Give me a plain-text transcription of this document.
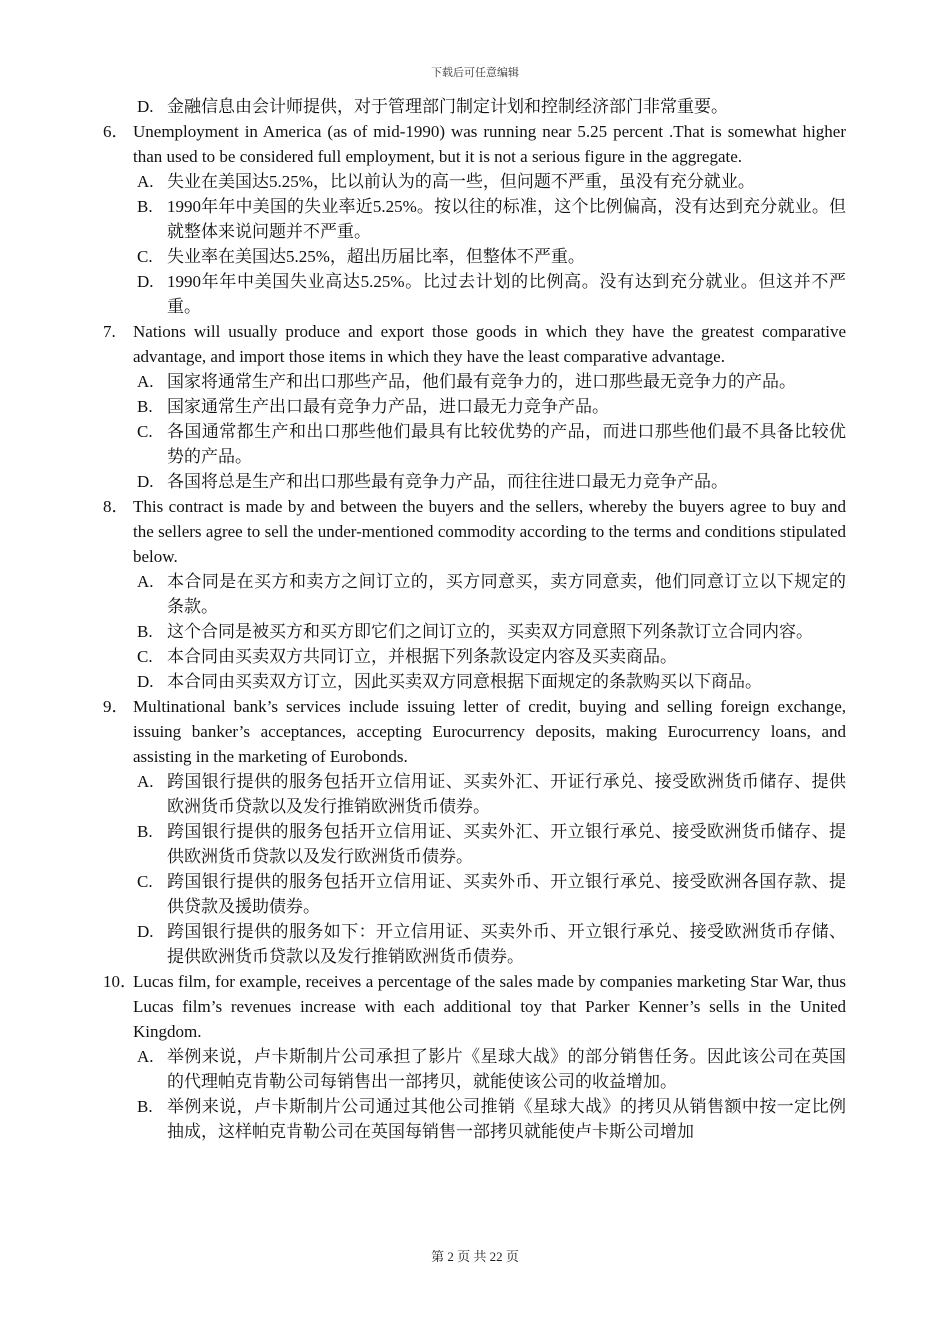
下载后可任意编辑
D. 金融信息由会计师提供，对于管理部门制定计划和控制经济部门非常重要。
6． Unemployment in America (as of mid-1990) was running near 5.25 percent .That is somewhat higher than used to be considered full employment, but it is not a serious figure in the aggregate.
A. 失业在美国达5.25%，比以前认为的高一些，但问题不严重，虽没有充分就业。
B. 1990年年中美国的失业率近5.25%。按以往的标准，这个比例偏高，没有达到充分就业。但就整体来说问题并不严重。
C. 失业率在美国达5.25%，超出历届比率，但整体不严重。
D. 1990年年中美国失业高达5.25%。比过去计划的比例高。没有达到充分就业。但这并不严重。
7.	Nations will usually produce and export those goods in which they have the greatest comparative advantage, and import those items in which they have the least comparative advantage.
A. 国家将通常生产和出口那些产品，他们最有竞争力的，进口那些最无竞争力的产品。
B. 国家通常生产出口最有竞争力产品，进口最无力竞争产品。
C. 各国通常都生产和出口那些他们最具有比较优势的产品，而进口那些他们最不具备比较优势的产品。
D. 各国将总是生产和出口那些最有竞争力产品，而往往进口最无力竞争产品。
8． This contract is made by and between the buyers and the sellers, whereby the buyers agree to buy and the sellers agree to sell the under-mentioned commodity according to the terms and conditions stipulated below.
A. 本合同是在买方和卖方之间订立的，买方同意买，卖方同意卖，他们同意订立以下规定的条款。
B. 这个合同是被买方和买方即它们之间订立的，买卖双方同意照下列条款订立合同内容。
C. 本合同由买卖双方共同订立，并根据下列条款设定内容及买卖商品。
D. 本合同由买卖双方订立，因此买卖双方同意根据下面规定的条款购买以下商品。
9． Multinational bank’s services include issuing letter of credit, buying and selling foreign exchange, issuing banker’s acceptances, accepting Eurocurrency deposits, making Eurocurrency loans, and assisting in the marketing of Eurobonds.
A. 跨国银行提供的服务包括开立信用证、买卖外汇、开证行承兑、接受欧洲货币储存、提供欧洲货币贷款以及发行推销欧洲货币债券。
B. 跨国银行提供的服务包括开立信用证、买卖外汇、开立银行承兑、接受欧洲货币储存、提供欧洲货币贷款以及发行欧洲货币债券。
C. 跨国银行提供的服务包括开立信用证、买卖外币、开立银行承兑、接受欧洲各国存款、提供贷款及援助债券。
D. 跨国银行提供的服务如下：开立信用证、买卖外币、开立银行承兑、接受欧洲货币存储、提供欧洲货币贷款以及发行推销欧洲货币债券。
10．
Lucas film, for example, receives a percentage of the sales made by companies marketing Star War, thus Lucas film’s revenues increase with each additional toy that Parker Kenner’s sells in the United Kingdom.
A. 举例来说，卢卡斯制片公司承担了影片《星球大战》的部分销售任务。因此该公司在英国的代理帕克肯勒公司每销售出一部拷贝，就能使该公司的收益增加。
B. 举例来说，卢卡斯制片公司通过其他公司推销《星球大战》的拷贝从销售额中按一定比例抽成，这样帕克肯勒公司在英国每销售一部拷贝就能使卢卡斯公司增加
第 2 页 共 22 页
